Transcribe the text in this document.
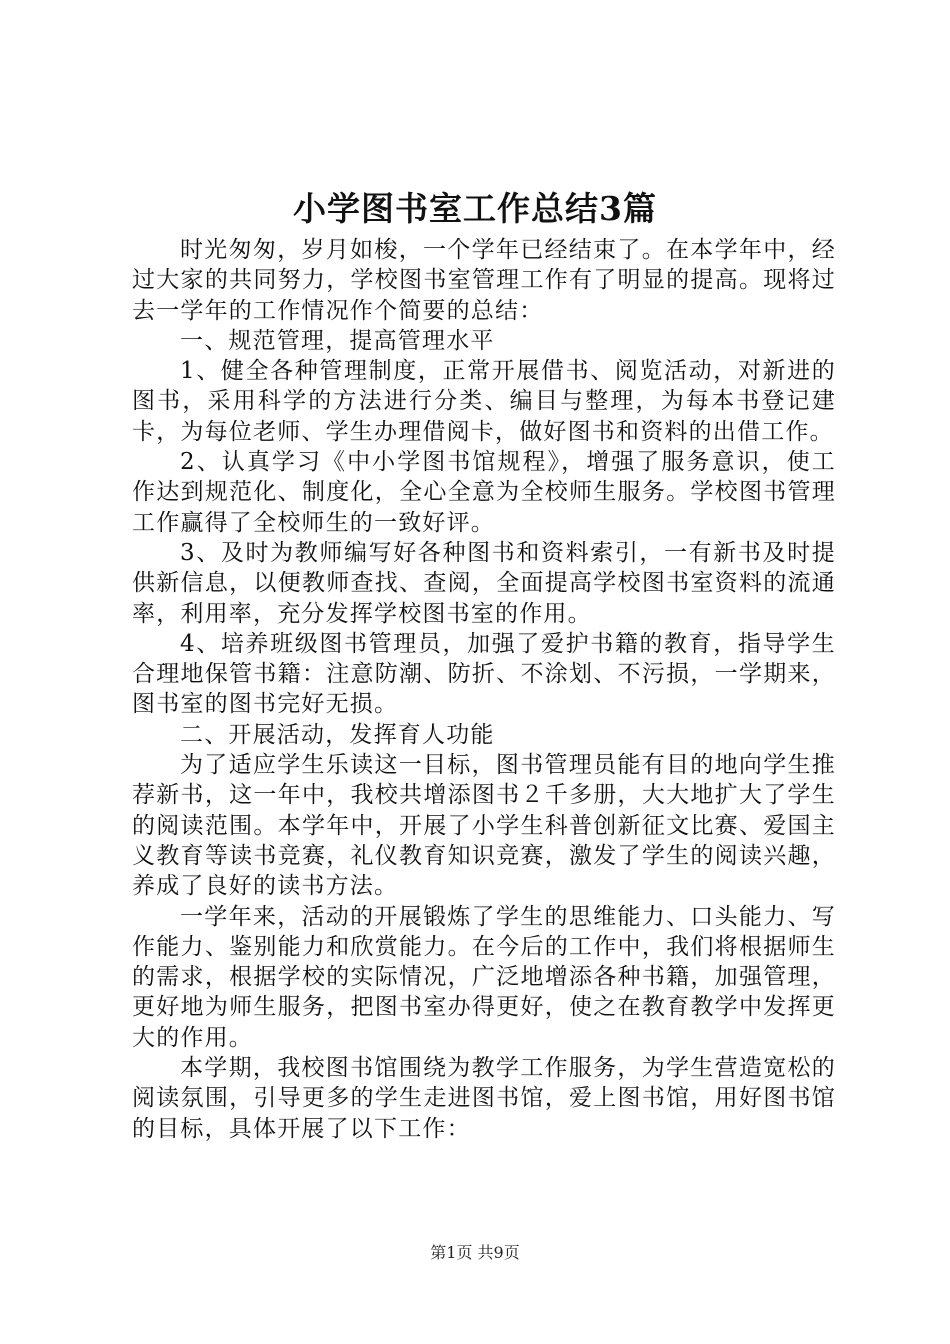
小学图书室工作总结3篇

时光匆匆，岁月如梭，一个学年已经结束了。在本学年中，经过大家的共同努力，学校图书室管理工作有了明显的提高。现将过去一学年的工作情况作个简要的总结：

一、规范管理，提高管理水平

1、健全各种管理制度，正常开展借书、阅览活动，对新进的图书，采用科学的方法进行分类、编目与整理，为每本书登记建卡，为每位老师、学生办理借阅卡，做好图书和资料的出借工作。

2、认真学习《中小学图书馆规程》，增强了服务意识，使工作达到规范化、制度化，全心全意为全校师生服务。学校图书管理工作赢得了全校师生的一致好评。

3、及时为教师编写好各种图书和资料索引，一有新书及时提供新信息，以便教师查找、查阅，全面提高学校图书室资料的流通率，利用率，充分发挥学校图书室的作用。

4、培养班级图书管理员，加强了爱护书籍的教育，指导学生合理地保管书籍：注意防潮、防折、不涂划、不污损，一学期来，图书室的图书完好无损。

二、开展活动，发挥育人功能

为了适应学生乐读这一目标，图书管理员能有目的地向学生推荐新书，这一年中，我校共增添图书２千多册，大大地扩大了学生的阅读范围。本学年中，开展了小学生科普创新征文比赛、爱国主义教育等读书竞赛，礼仪教育知识竞赛，激发了学生的阅读兴趣，养成了良好的读书方法。

一学年来，活动的开展锻炼了学生的思维能力、口头能力、写作能力、鉴别能力和欣赏能力。在今后的工作中，我们将根据师生的需求，根据学校的实际情况，广泛地增添各种书籍，加强管理，更好地为师生服务，把图书室办得更好，使之在教育教学中发挥更大的作用。

本学期，我校图书馆围绕为教学工作服务，为学生营造宽松的阅读氛围，引导更多的学生走进图书馆，爱上图书馆，用好图书馆的目标，具体开展了以下工作：

第1页 共9页
